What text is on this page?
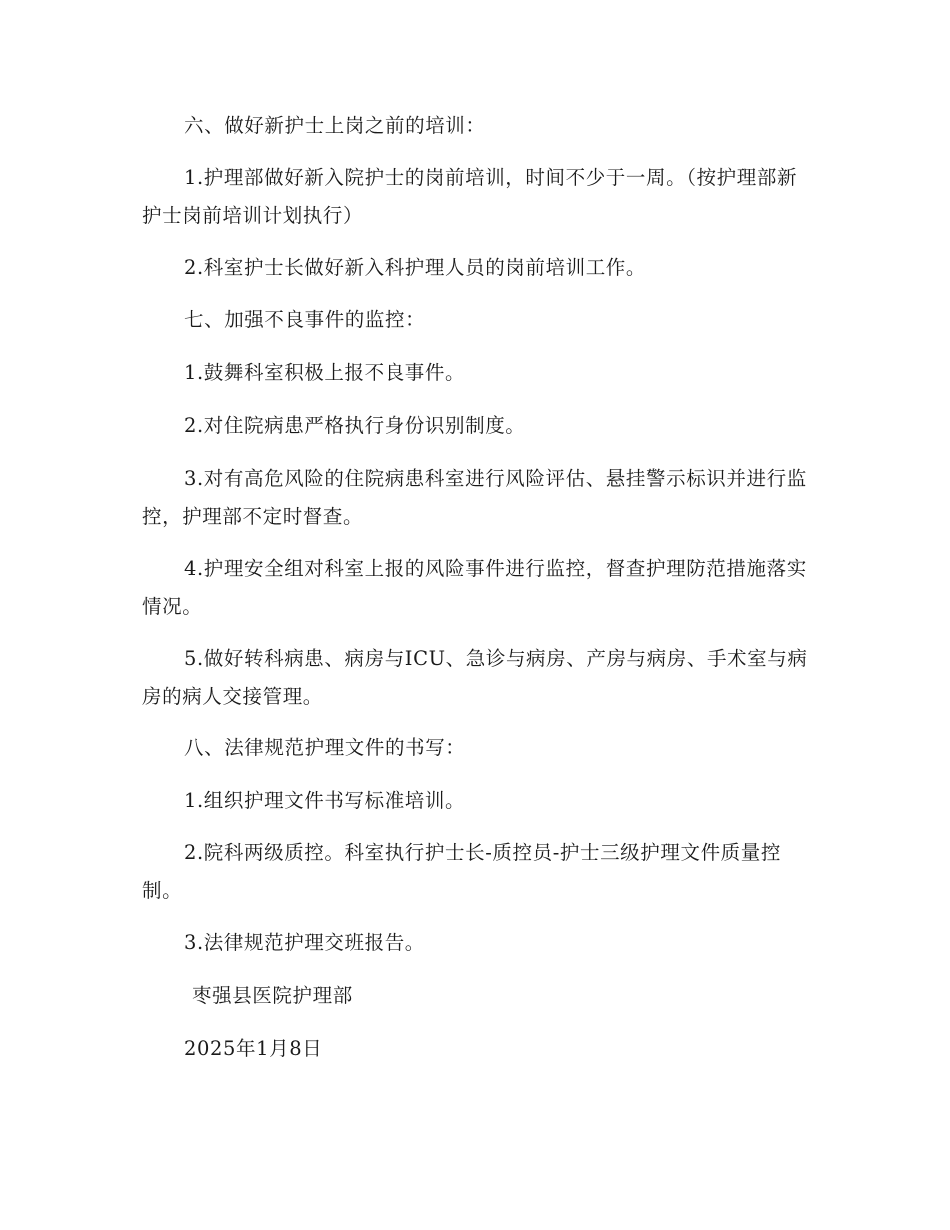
六、做好新护士上岗之前的培训：

1.护理部做好新入院护士的岗前培训，时间不少于一周。（按护理部新护士岗前培训计划执行）

2.科室护士长做好新入科护理人员的岗前培训工作。

七、加强不良事件的监控：

1.鼓舞科室积极上报不良事件。

2.对住院病患严格执行身份识别制度。

3.对有高危风险的住院病患科室进行风险评估、悬挂警示标识并进行监控，护理部不定时督查。

4.护理安全组对科室上报的风险事件进行监控，督查护理防范措施落实情况。

5.做好转科病患、病房与ICU、急诊与病房、产房与病房、手术室与病房的病人交接管理。

八、法律规范护理文件的书写：

1.组织护理文件书写标准培训。

2.院科两级质控。科室执行护士长-质控员-护士三级护理文件质量控制。

3.法律规范护理交班报告。

枣强县医院护理部

2025年1月8日
